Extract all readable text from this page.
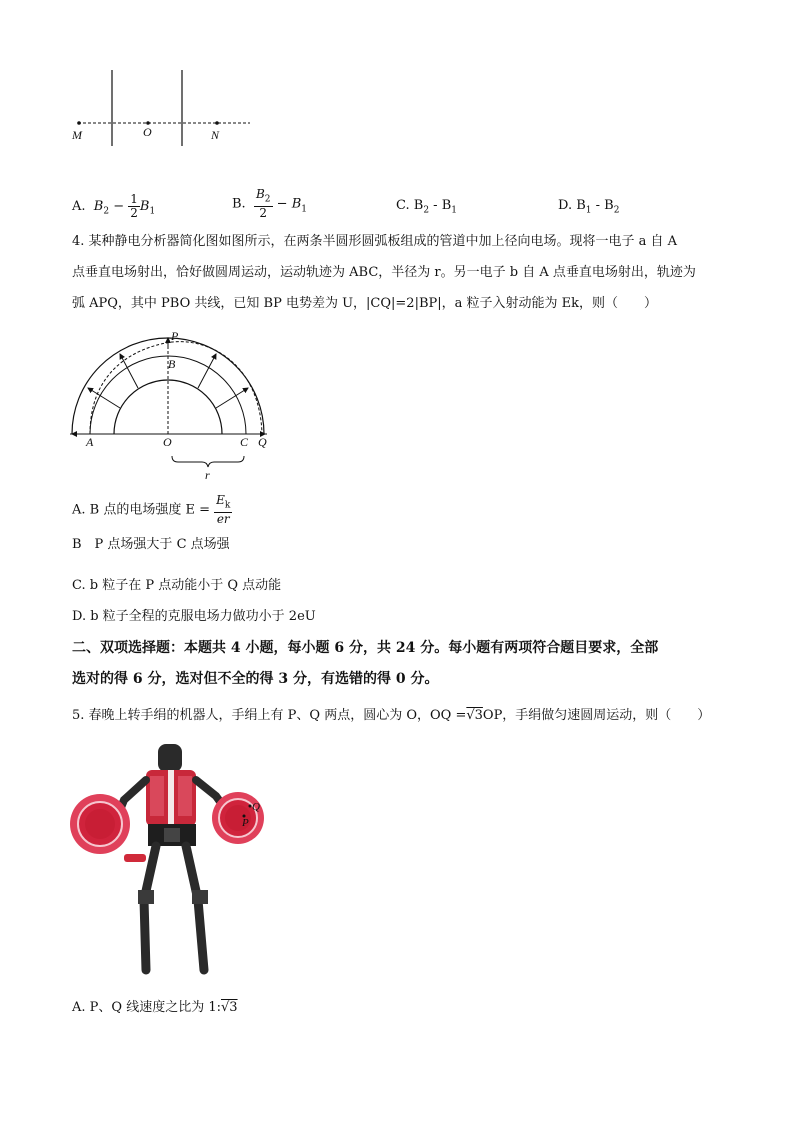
M	O	N
A. $B_2 - \frac{1}{2} B_1$	B. $\frac{B_2}{2} - B_1$	C. $B_2 - B_1$	D. $B_1 - B_2$
4. 某种静电分析器简化图如图所示，在两条半圆形圆弧板组成的管道中加上径向电场。现将一电子 a 自 A
点垂直电场射出，恰好做圆周运动，运动轨迹为 ABC，半径为 r。另一电子 b 自 A 点垂直电场射出，轨迹为
弧 APQ，其中 PBO 共线，已知 BP 电势差为 U，|CQ|=2|BP|，a 粒子入射动能为 Ek，则（　　）
P
B
A	O	C Q
r
A. B 点的电场强度 $E = \frac{E_k}{er}$
B　P 点场强大于 C 点场强
C. b 粒子在 P 点动能小于 Q 点动能
D. b 粒子全程的克服电场力做功小于 2eU
二、双项选择题：本题共 4 小题，每小题 6 分，共 24 分。每小题有两项符合题目要求，全部
选对的得 6 分，选对但不全的得 3 分，有选错的得 0 分。
5. 春晚上转手绢的机器人，手绢上有 P、Q 两点，圆心为 O，OQ =√3OP，手绢做匀速圆周运动，则（　　）
Q
P
A. P、Q 线速度之比为 1:√3
